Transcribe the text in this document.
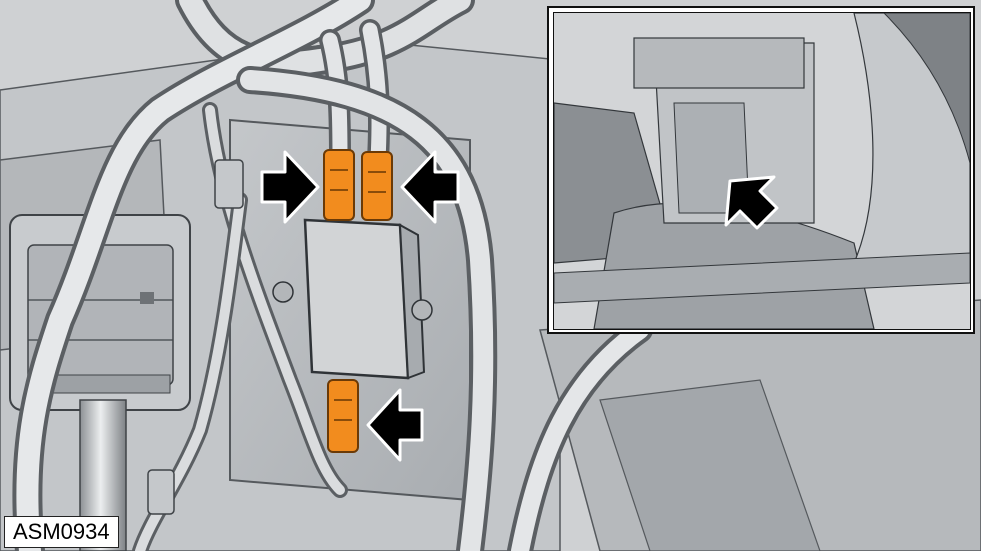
ASM0934
